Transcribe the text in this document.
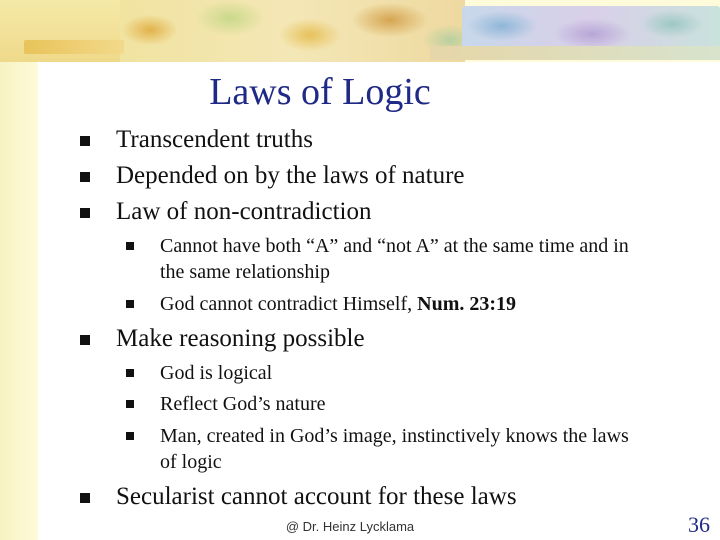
Laws of Logic
Transcendent truths
Depended on by the laws of nature
Law of non-contradiction
Cannot have both “A” and “not A” at the same time and in the same relationship
God cannot contradict Himself, Num. 23:19
Make reasoning possible
God is logical
Reflect God’s nature
Man, created in God’s image, instinctively knows the laws of logic
Secularist cannot account for these laws
@ Dr. Heinz Lycklama	36
